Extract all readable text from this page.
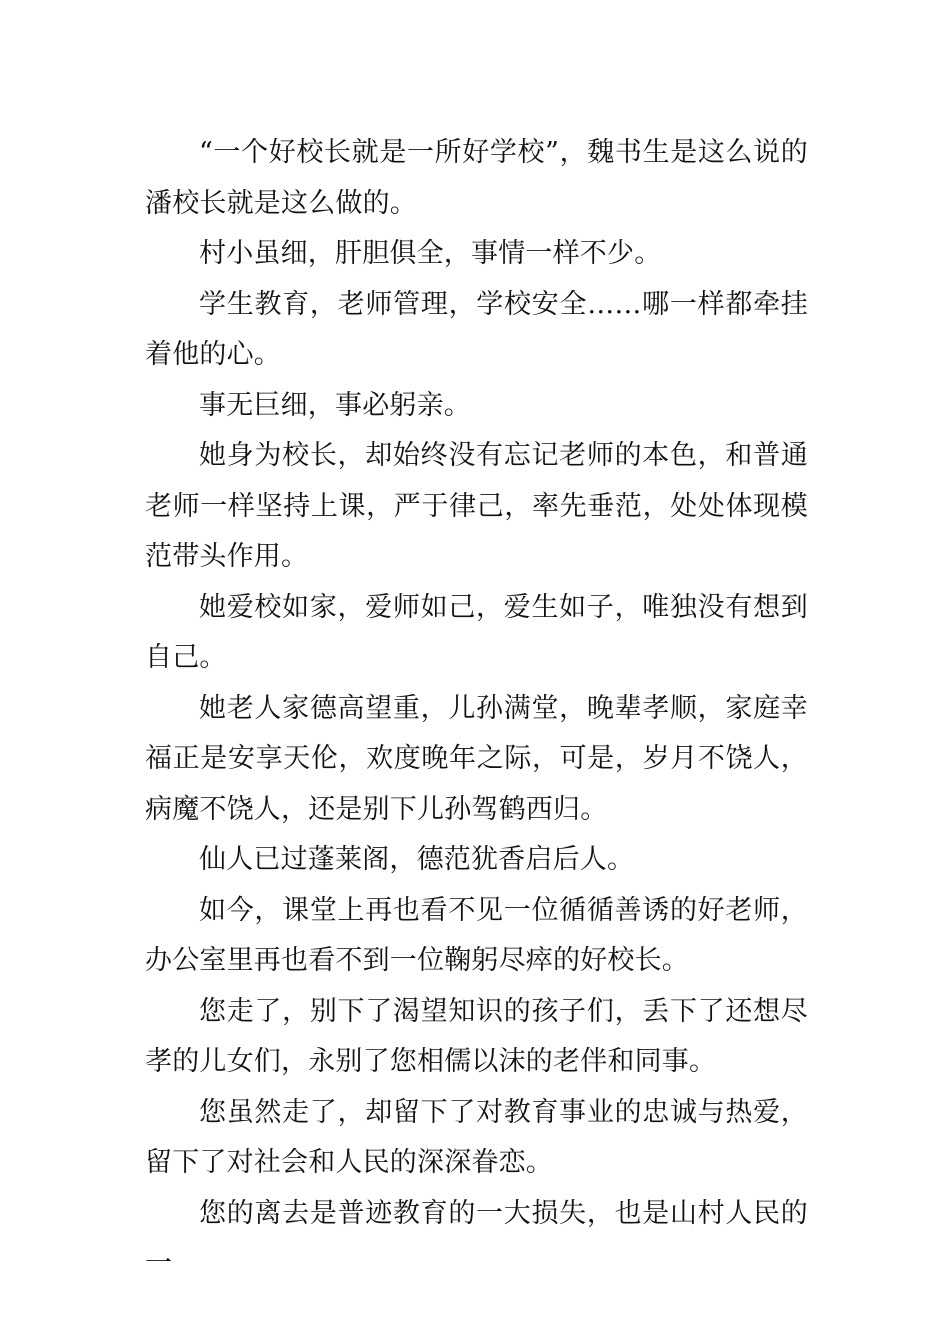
“一个好校长就是一所好学校”，魏书生是这么说的潘校长就是这么做的。

村小虽细，肝胆俱全，事情一样不少。

学生教育，老师管理，学校安全……哪一样都牵挂着他的心。

事无巨细，事必躬亲。

她身为校长，却始终没有忘记老师的本色，和普通老师一样坚持上课，严于律己，率先垂范，处处体现模范带头作用。

她爱校如家，爱师如己，爱生如子，唯独没有想到自己。

她老人家德高望重，儿孙满堂，晚辈孝顺，家庭幸福正是安享天伦，欢度晚年之际，可是，岁月不饶人，病魔不饶人，还是别下儿孙驾鹤西归。

仙人已过蓬莱阁，德范犹香启后人。

如今，课堂上再也看不见一位循循善诱的好老师，办公室里再也看不到一位鞠躬尽瘁的好校长。

您走了，别下了渴望知识的孩子们，丢下了还想尽孝的儿女们，永别了您相儒以沫的老伴和同事。

您虽然走了，却留下了对教育事业的忠诚与热爱，留下了对社会和人民的深深眷恋。

您的离去是普迹教育的一大损失，也是山村人民的一
